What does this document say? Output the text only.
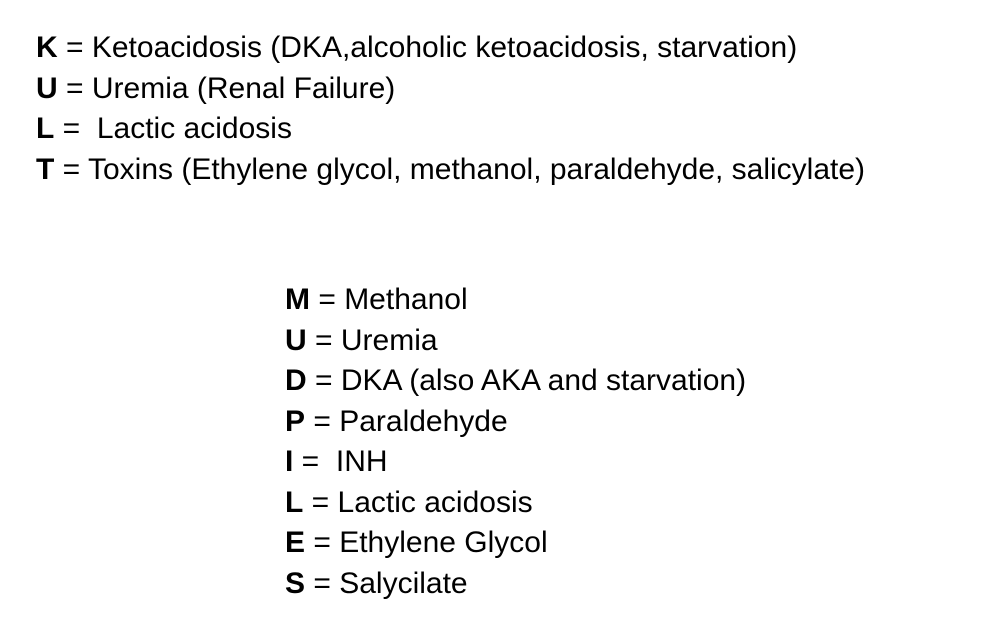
K = Ketoacidosis (DKA,alcoholic ketoacidosis, starvation)
U = Uremia (Renal Failure)
L =  Lactic acidosis
T = Toxins (Ethylene glycol, methanol, paraldehyde, salicylate)
M = Methanol
U = Uremia
D = DKA (also AKA and starvation)
P = Paraldehyde
I =  INH
L = Lactic acidosis
E = Ethylene Glycol
S = Salycilate
